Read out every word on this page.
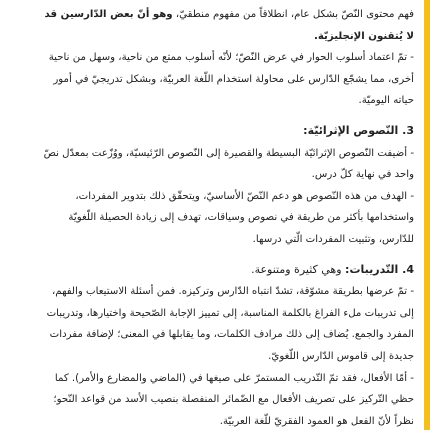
فهم محتوى النّصّ بشكل عام، انطلاقاً من مفهوم منطقيّ، وهو أنّ بعض الدّارسين قد لا يُتقنون الإنجليزيّة.

- تمّ اعتماد أسلوب الحوار في عرض النّصّ؛ لأنّه أسلوب ممتع من ناحية، وسهل من ناحية أخرى، مما يشجّع الدّارس على محاولة استخدام اللّغة العربيّة، وبشكل تدريجيّ في أمور حياته اليوميّة.

3. النّصوص الإثرائيّة:

- أضيفت النّصوص الإثرائيّة البسيطة والقصيرة إلى النّصوص الرّئيسيّة، ووُزّعت بمعدّل نصّ واحد في نهاية كلّ درس.

- الهدف من هذه النّصوص هو دعم النّصّ الأساسيّ، ويتحقّق ذلك بتدوير المفردات، واستخدامها بأكثر من طريقة في نصوص وسياقات، تهدف إلى زيادة الحصيلة اللّغويّة للدّارس، وتثبيت المفردات الّتي درسها.

4. التّدريبات: وهي كثيرة ومتنوعة.

- تمّ عرضها بطريقة مشوّقة، تشدّ انتباه الدّارس وتركيزه. فمن أسئلة الاستيعاب والفهم، إلى تدريبات ملء الفراغ بالكلمة المناسبة، إلى تمييز الإجابة الصّحيحة واختيارها، وتدريبات المفرد والجمع. يُضاف إلى ذلك مرادف الكلمات، وما يقابلها في المعنى؛ لإضافة مفردات جديدة إلى قاموس الدّارس اللّغويّ.

- أمّا الأفعال، فقد تمّ التّدريب المستمرّ على صيغها في (الماضي والمضارع والأمر). كما حظي التّركيز على تصريف الأفعال مع الضّمائر المنفصلة بنصيب الأسد من قواعد النّحو؛ نظراً لأنّ الفعل هو العمود الفقريّ للّغة العربيّة.
